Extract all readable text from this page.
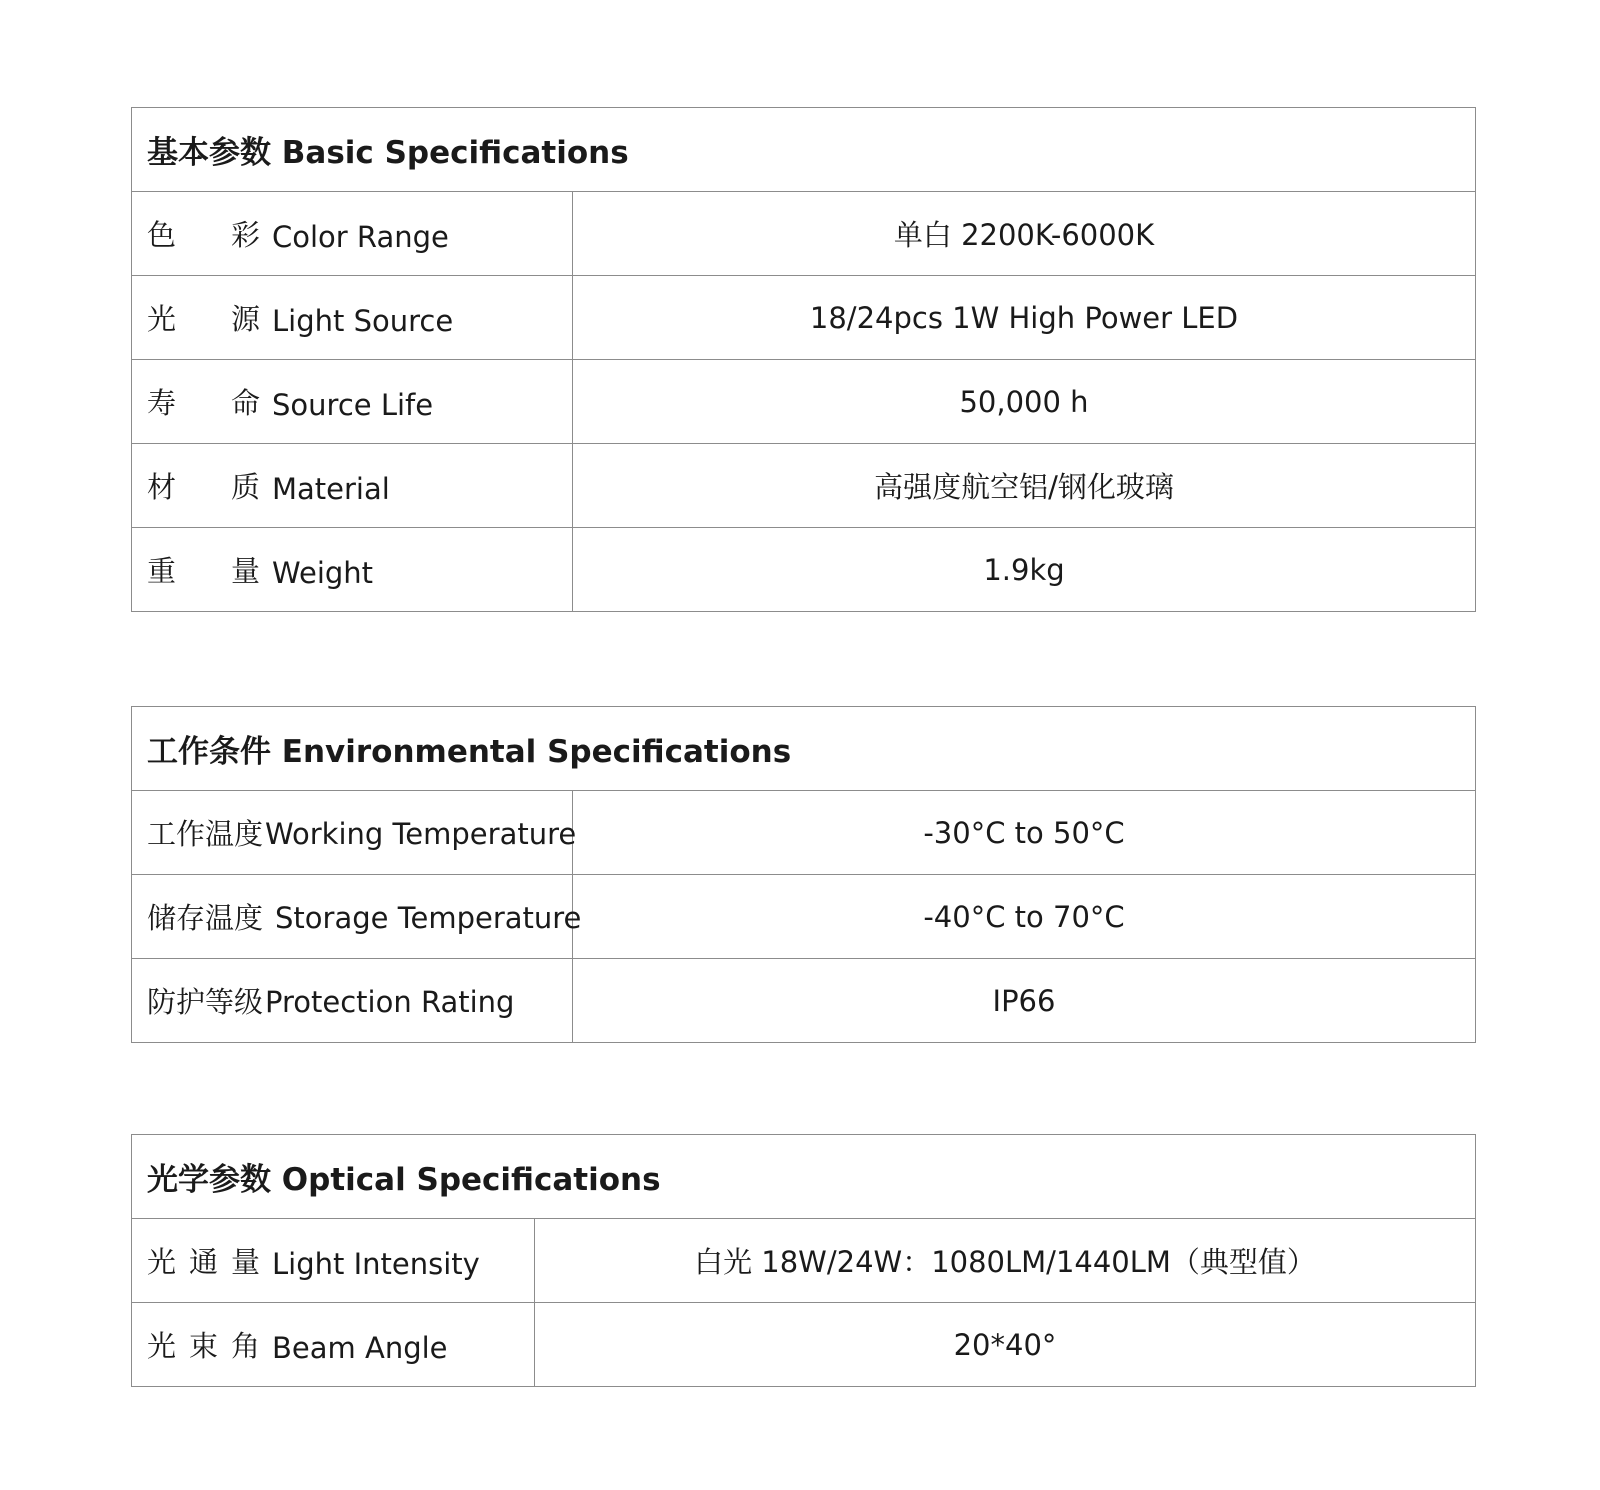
基本参数 Basic Specifications	

色 彩 Color Range	单白 2200K-6000K

光 源 Light Source	18/24pcs 1W High Power LED

寿 命 Source Life	50,000 h

材 质 Material	高强度航空铝/钢化玻璃

重 量 Weight	1.9kg
工作条件 Environmental Specifications	
工作温度Working Temperature	-30°C to 50°C
储存温度 Storage Temperature	-40°C to 70°C
防护等级Protection Rating	IP66
光学参数 Optical Specifications	

光 通 量 Light Intensity	白光 18W/24W：1080LM/1440LM（典型值）

光 束 角 Beam Angle	20*40°
